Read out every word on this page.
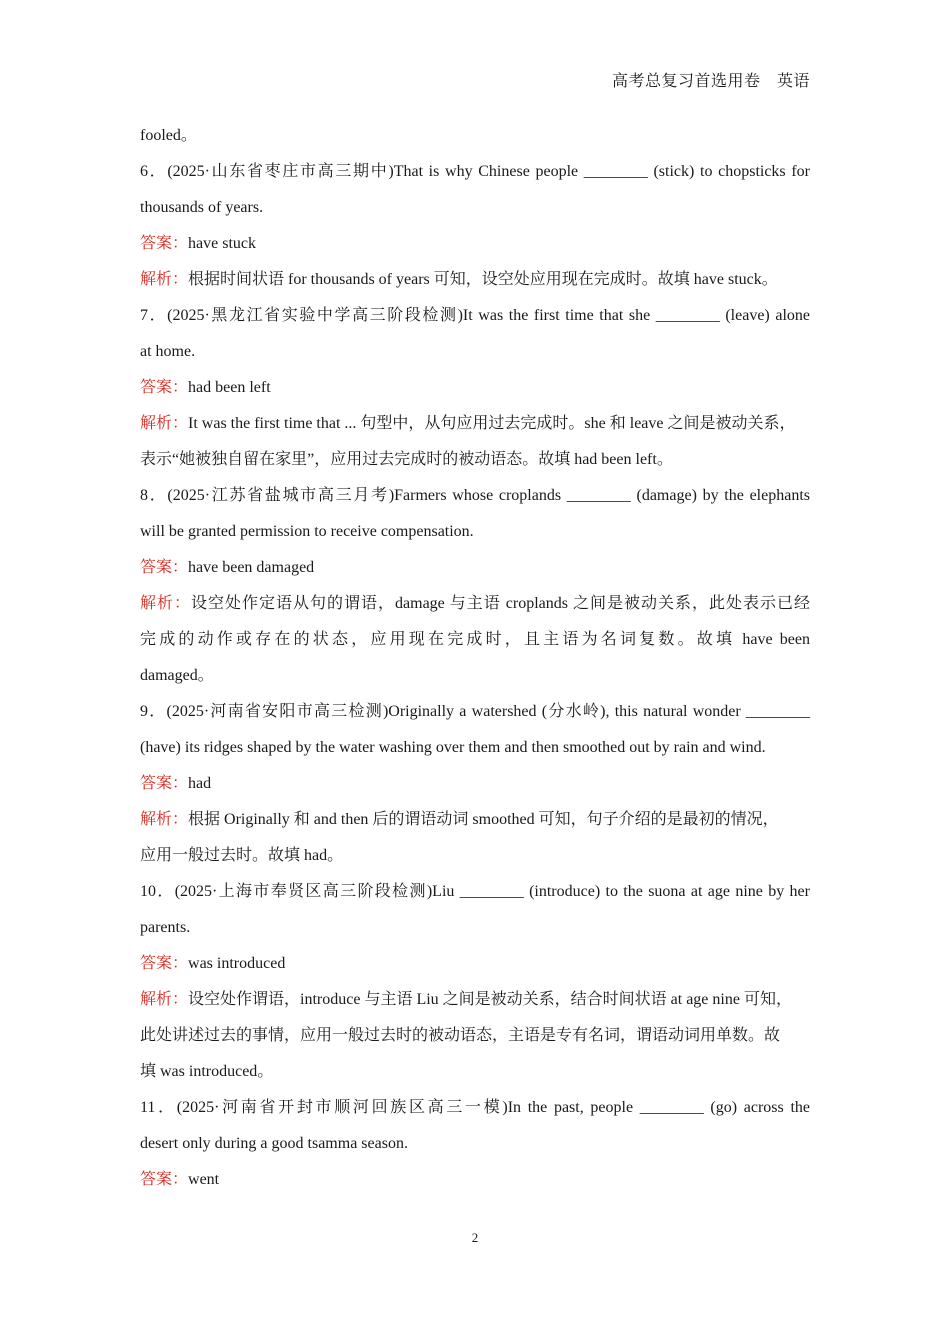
高考总复习首选用卷　英语
fooled。
6．(2025·山东省枣庄市高三期中)That is why Chinese people ________ (stick) to chopsticks for
thousands of years.
答案：have stuck
解析：根据时间状语 for thousands of years 可知，设空处应用现在完成时。故填 have stuck。
7．(2025·黑龙江省实验中学高三阶段检测)It was the first time that she ________ (leave) alone
at home.
答案：had been left
解析：It was the first time that ... 句型中，从句应用过去完成时。she 和 leave 之间是被动关系，
表示“她被独自留在家里”，应用过去完成时的被动语态。故填 had been left。
8．(2025·江苏省盐城市高三月考)Farmers whose croplands ________ (damage) by the elephants
will be granted permission to receive compensation.
答案：have been damaged
解析：设空处作定语从句的谓语，damage 与主语 croplands 之间是被动关系，此处表示已经
完成的动作或存在的状态，应用现在完成时，且主语为名词复数。故填 have been
damaged。
9．(2025·河南省安阳市高三检测)Originally a watershed (分水岭), this natural wonder ________
(have) its ridges shaped by the water washing over them and then smoothed out by rain and wind.
答案：had
解析：根据 Originally 和 and then 后的谓语动词 smoothed 可知，句子介绍的是最初的情况，
应用一般过去时。故填 had。
10．(2025·上海市奉贤区高三阶段检测)Liu ________ (introduce) to the suona at age nine by her
parents.
答案：was introduced
解析：设空处作谓语，introduce 与主语 Liu 之间是被动关系，结合时间状语 at age nine 可知，
此处讲述过去的事情，应用一般过去时的被动语态，主语是专有名词，谓语动词用单数。故
填 was introduced。
11．(2025·河南省开封市顺河回族区高三一模)In the past, people ________ (go) across the
desert only during a good tsamma season.
答案：went
2
